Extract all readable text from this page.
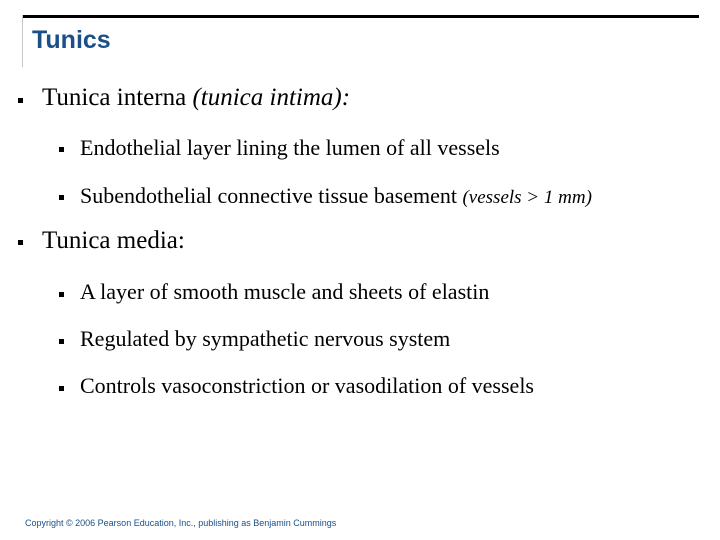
Tunics
Tunica interna (tunica intima):
Endothelial layer lining the lumen of all vessels
Subendothelial connective tissue basement (vessels > 1 mm)
Tunica media:
A layer of smooth muscle and sheets of elastin
Regulated by sympathetic nervous system
Controls vasoconstriction or vasodilation of vessels
Copyright © 2006 Pearson Education, Inc., publishing as Benjamin Cummings
